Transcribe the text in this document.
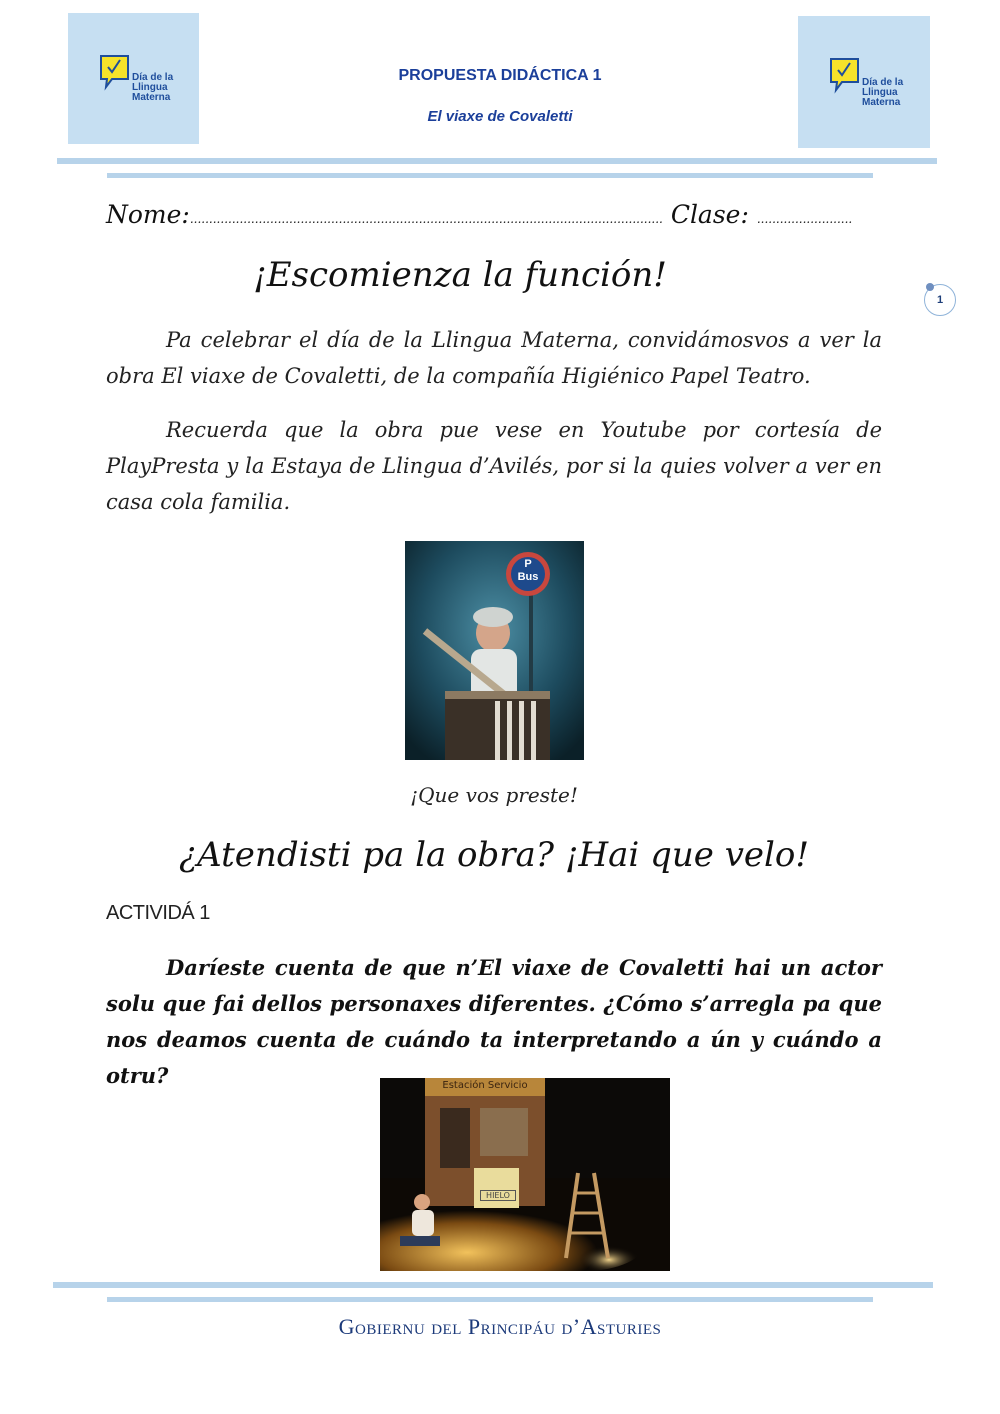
Día de la
Llingua
Materna
Día de la
Llingua
Materna
PROPUESTA DIDÁCTICA 1
El viaxe de Covaletti
Nome:............................................................................................................................ Clase: .........................
1
¡Escomienza la función!
Pa celebrar el día de la Llingua Materna, convidámosvos a ver la obra El viaxe de Covaletti, de la compañía Higiénico Papel Teatro.
Recuerda que la obra pue vese en Youtube por cortesía de PlayPresta y la Estaya de Llingua d’Avilés, por si la quies volver a ver en casa cola familia.
P
Bus
¡Que vos preste!
¿Atendisti pa la obra? ¡Hai que velo!
ACTIVIDÁ 1
Daríeste cuenta de que n’El viaxe de Covaletti hai un actor solu que fai dellos personaxes diferentes. ¿Cómo s’arregla pa que nos deamos cuenta de cuándo ta interpretando a ún y cuándo a otru?	Estación Servicio
HIELO
Gobiernu del Principáu d’Asturies
